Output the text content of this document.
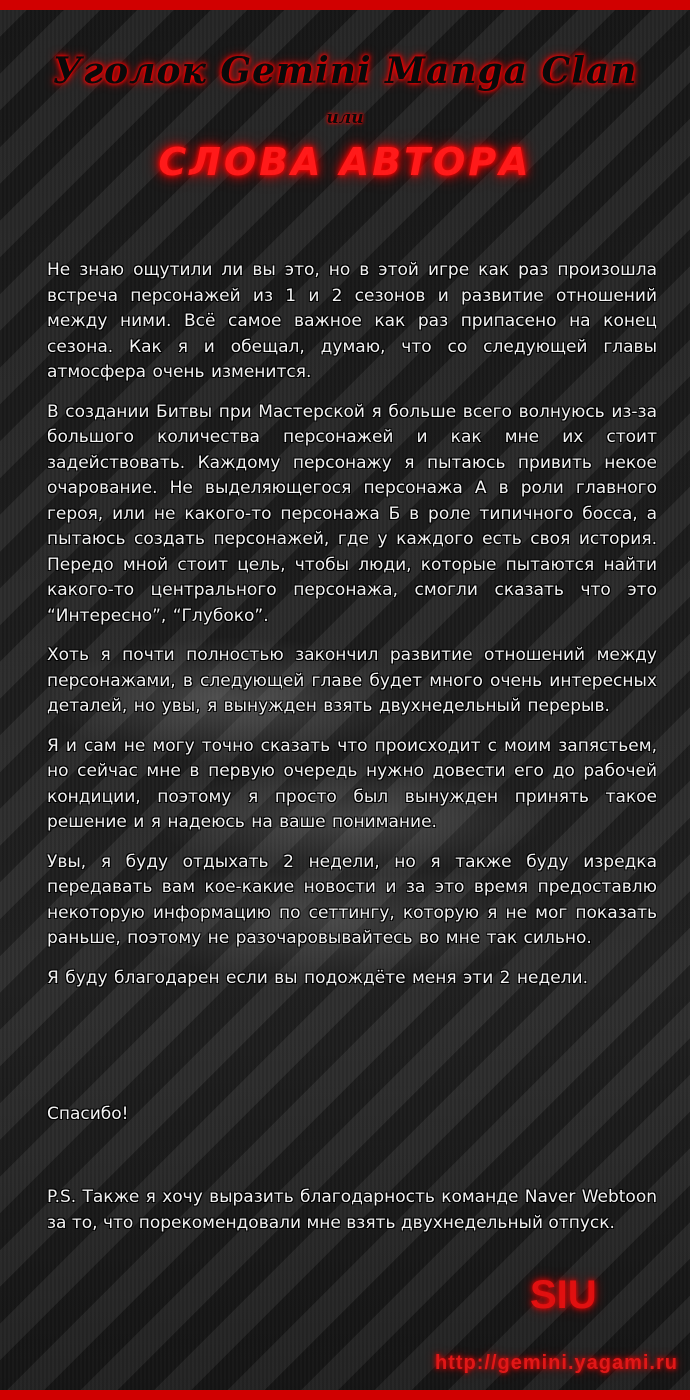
Уголок Gemini Manga Clan
или
СЛОВА АВТОРА

Не знаю ощутили ли вы это, но в этой игре как раз произошла встреча персонажей из 1 и 2 сезонов и развитие отношений между ними. Всё самое важное как раз припасено на конец сезона. Как я и обещал, думаю, что со следующей главы атмосфера очень изменится.

В создании Битвы при Мастерской я больше всего волнуюсь из-за большого количества персонажей и как мне их стоит задействовать. Каждому персонажу я пытаюсь привить некое очарование. Не выделяющегося персонажа А в роли главного героя, или не какого-то персонажа Б в роле типичного босса, а пытаюсь создать персонажей, где у каждого есть своя история. Передо мной стоит цель, чтобы люди, которые пытаются найти какого-то центрального персонажа, смогли сказать что это “Интересно”, “Глубоко”.

Хоть я почти полностью закончил развитие отношений между персонажами, в следующей главе будет много очень интересных деталей, но увы, я вынужден взять двухнедельный перерыв.

Я и сам не могу точно сказать что происходит с моим запястьем, но сейчас мне в первую очередь нужно довести его до рабочей кондиции, поэтому я просто был вынужден принять такое решение и я надеюсь на ваше понимание.

Увы, я буду отдыхать 2 недели, но я также буду изредка передавать вам кое-какие новости и за это время предоставлю некоторую информацию по сеттингу, которую я не мог показать раньше, поэтому не разочаровывайтесь во мне так сильно.

Я буду благодарен если вы подождёте меня эти 2 недели.

Спасибо!
P.S. Также я хочу выразить благодарность команде Naver Webtoon за то, что порекомендовали мне взять двухнедельный отпуск.
SIU
http://gemini.yagami.ru
